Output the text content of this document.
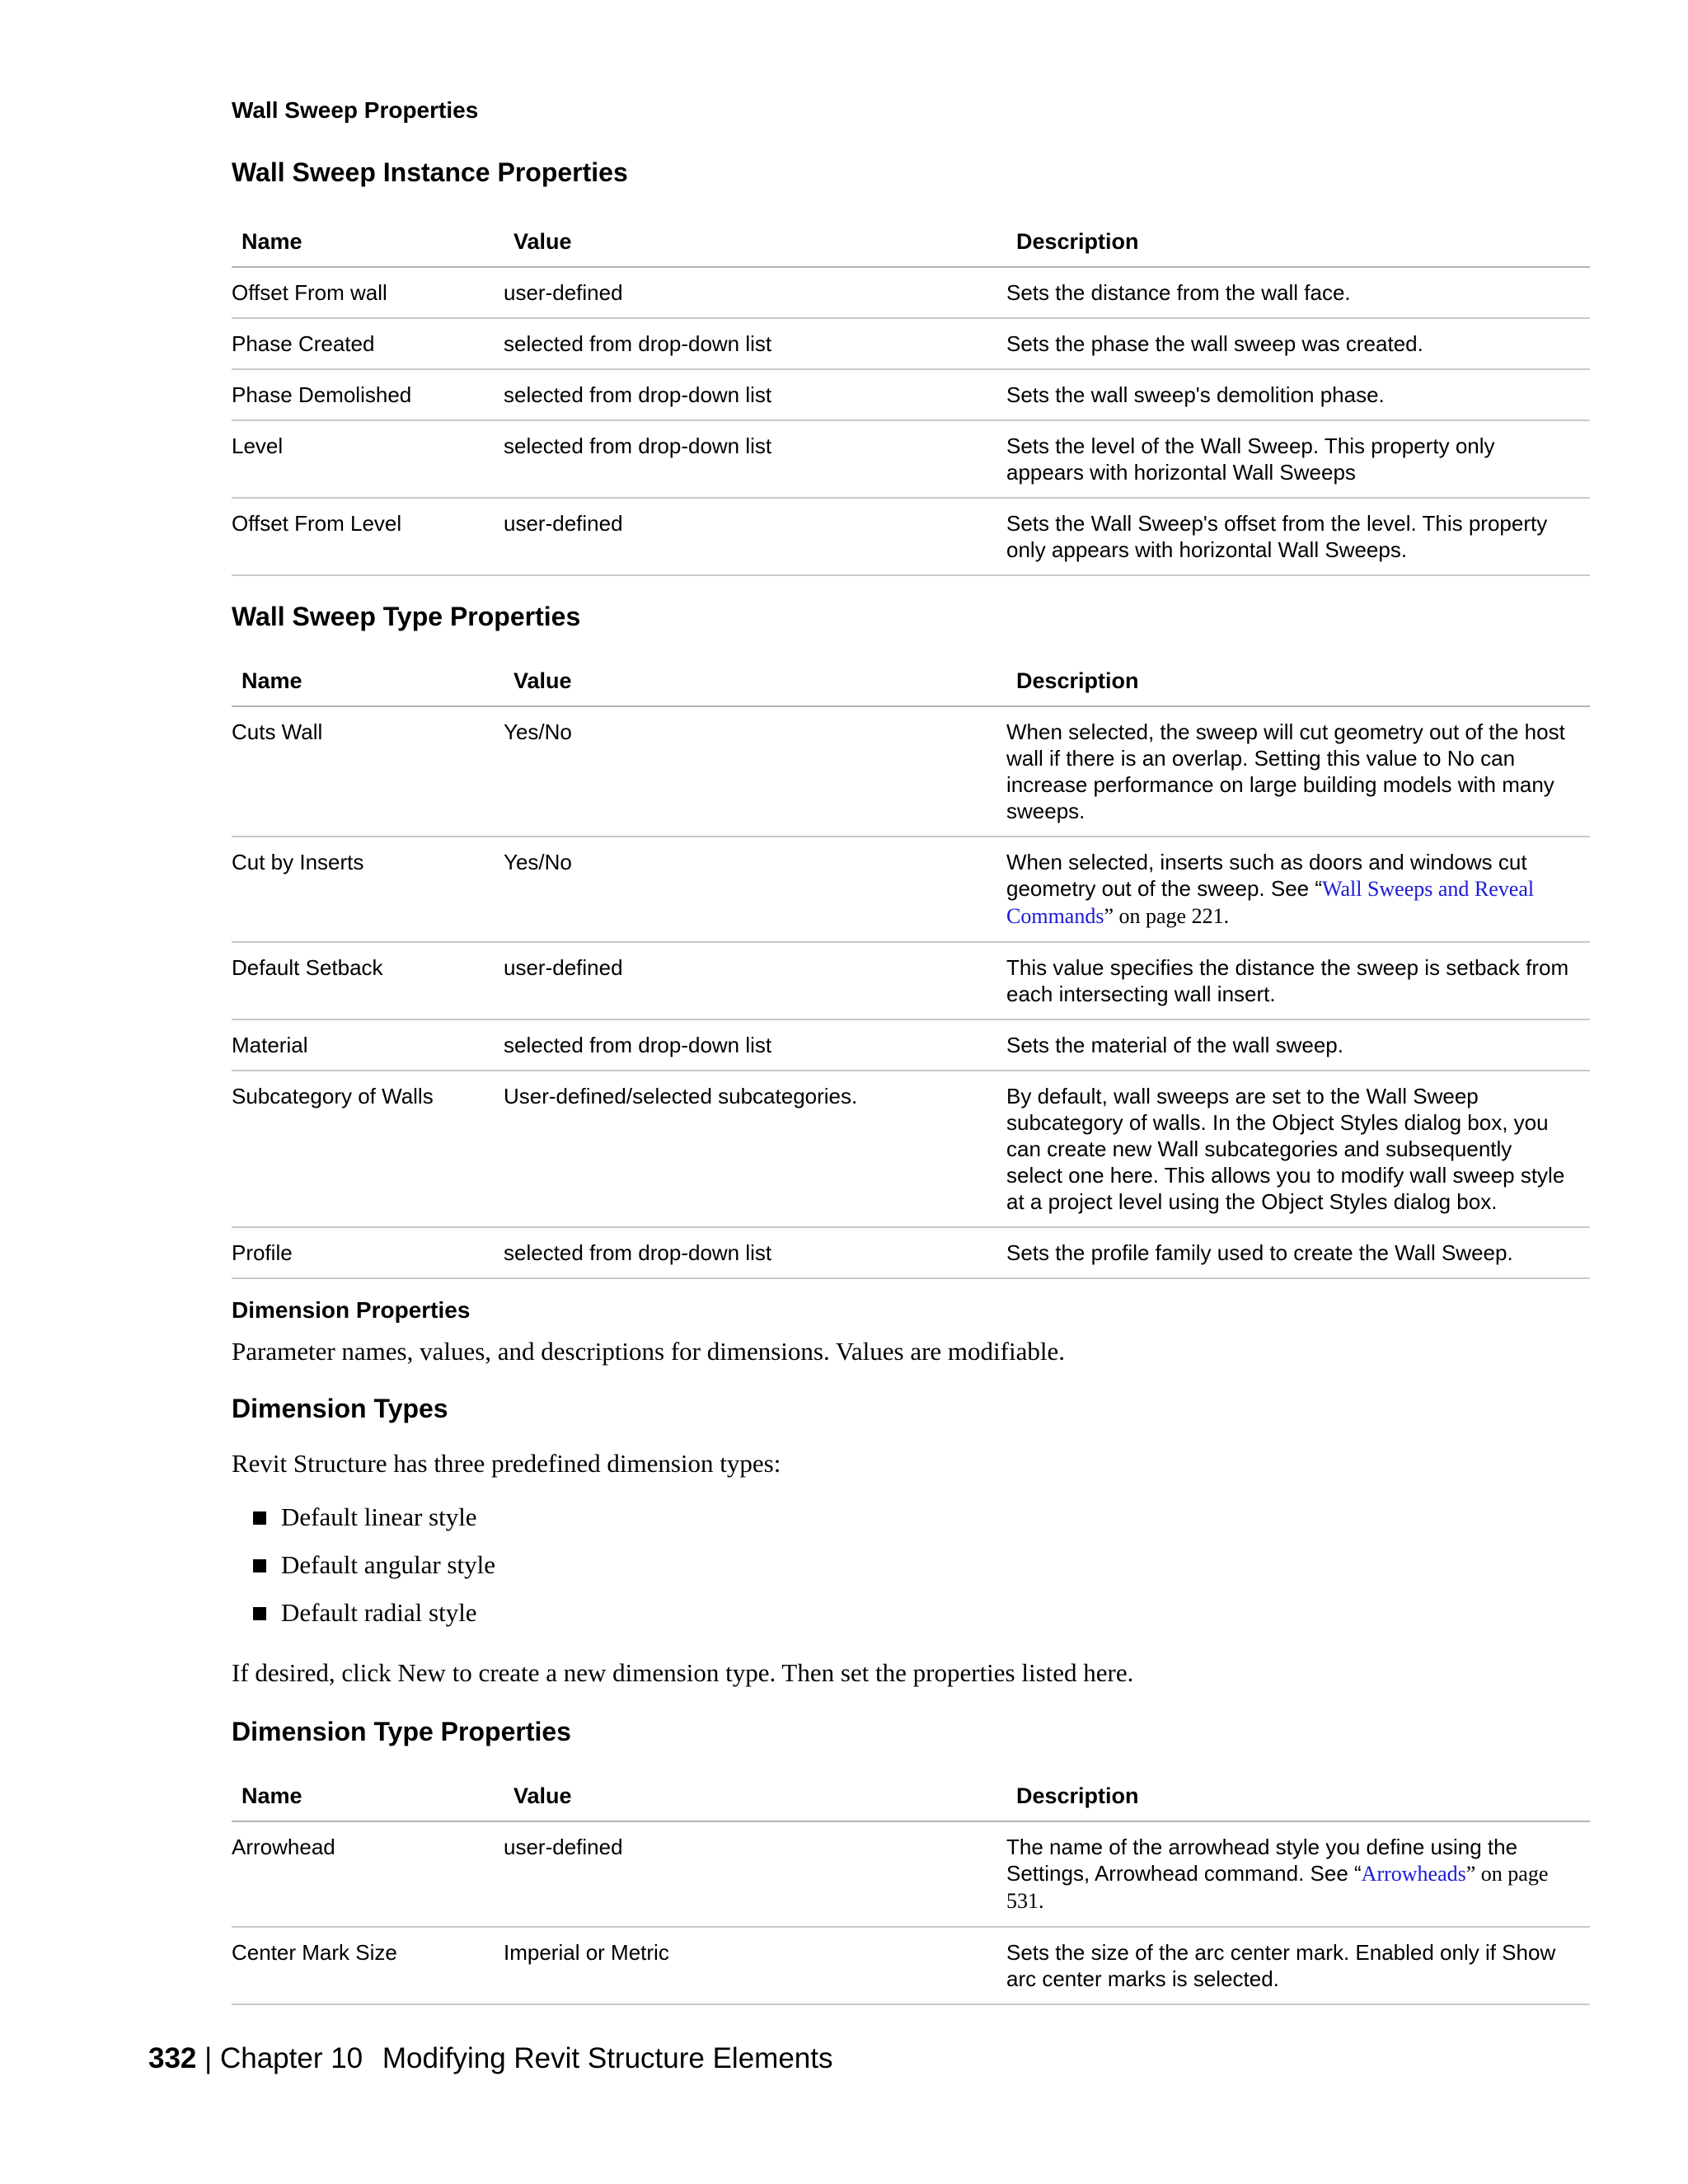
Wall Sweep Properties
Wall Sweep Instance Properties
Name	Value	Description
Offset From wall	user-defined	Sets the distance from the wall face.
Phase Created	selected from drop-down list	Sets the phase the wall sweep was created.
Phase Demolished	selected from drop-down list	Sets the wall sweep's demolition phase.
Level	selected from drop-down list	Sets the level of the Wall Sweep. This property only appears with horizontal Wall Sweeps
Offset From Level	user-defined	Sets the Wall Sweep's offset from the level. This property only appears with horizontal Wall Sweeps.
Wall Sweep Type Properties
Name	Value	Description
Cuts Wall	Yes/No	When selected, the sweep will cut geometry out of the host wall if there is an overlap. Setting this value to No can increase performance on large building models with many sweeps.
Cut by Inserts	Yes/No	When selected, inserts such as doors and windows cut geometry out of the sweep. See “Wall Sweeps and Reveal Commands” on page 221.
Default Setback	user-defined	This value specifies the distance the sweep is setback from each intersecting wall insert.
Material	selected from drop-down list	Sets the material of the wall sweep.
Subcategory of Walls	User-defined/selected subcategories.	By default, wall sweeps are set to the Wall Sweep subcategory of walls. In the Object Styles dialog box, you can create new Wall subcategories and subsequently select one here. This allows you to modify wall sweep style at a project level using the Object Styles dialog box.
Profile	selected from drop-down list	Sets the profile family used to create the Wall Sweep.
Dimension Properties

Parameter names, values, and descriptions for dimensions. Values are modifiable.

Dimension Types

Revit Structure has three predefined dimension types:

Default linear style
Default angular style
Default radial style

If desired, click New to create a new dimension type. Then set the properties listed here.

Dimension Type Properties
Name	Value	Description
Arrowhead	user-defined	The name of the arrowhead style you define using the Settings, Arrowhead command. See “Arrowheads” on page 531.
Center Mark Size	Imperial or Metric	Sets the size of the arc center mark. Enabled only if Show arc center marks is selected.
332 | Chapter 10 Modifying Revit Structure Elements
